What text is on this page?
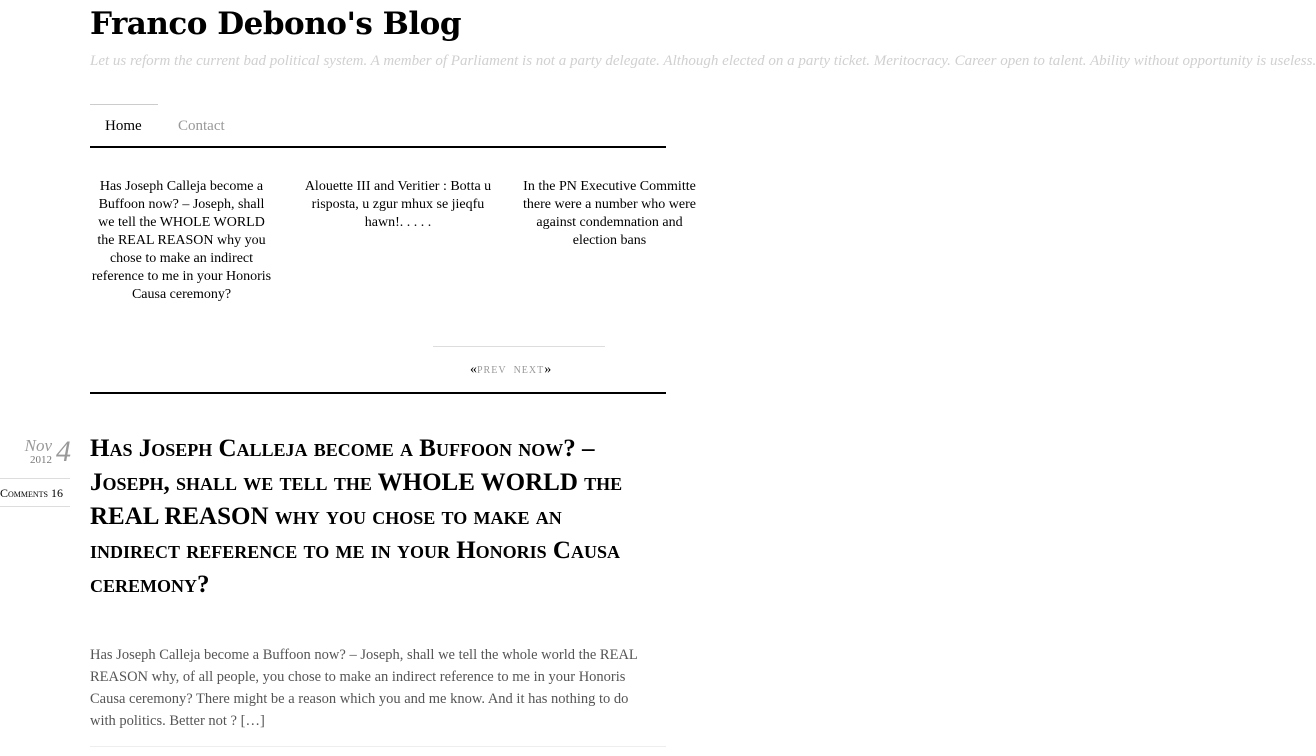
Franco Debono's Blog
Let us reform the current bad political system. A member of Parliament is not a party delegate. Although elected on a party ticket. Meritocracy. Career open to talent. Ability without opportunity is useless.
Home Contact
Has Joseph Calleja become a Buffoon now? – Joseph, shall we tell the WHOLE WORLD the REAL REASON why you chose to make an indirect reference to me in your Honoris Causa ceremony?
Alouette III and Veritier : Botta u risposta, u zgur mhux se jieqfu hawn!. . . . .
In the PN Executive Committe there were a number who were against condemnation and election bans
«PREV NEXT»
Nov
2012 4
16 Comments
Has Joseph Calleja become a Buffoon now? – Joseph, shall we tell the WHOLE WORLD the REAL REASON why you chose to make an indirect reference to me in your Honoris Causa ceremony?

Has Joseph Calleja become a Buffoon now? – Joseph, shall we tell the whole world the REAL REASON why, of all people, you chose to make an indirect reference to me in your Honoris Causa ceremony? There might be a reason which you and me know. And it has nothing to do with politics. Better not ? […]
